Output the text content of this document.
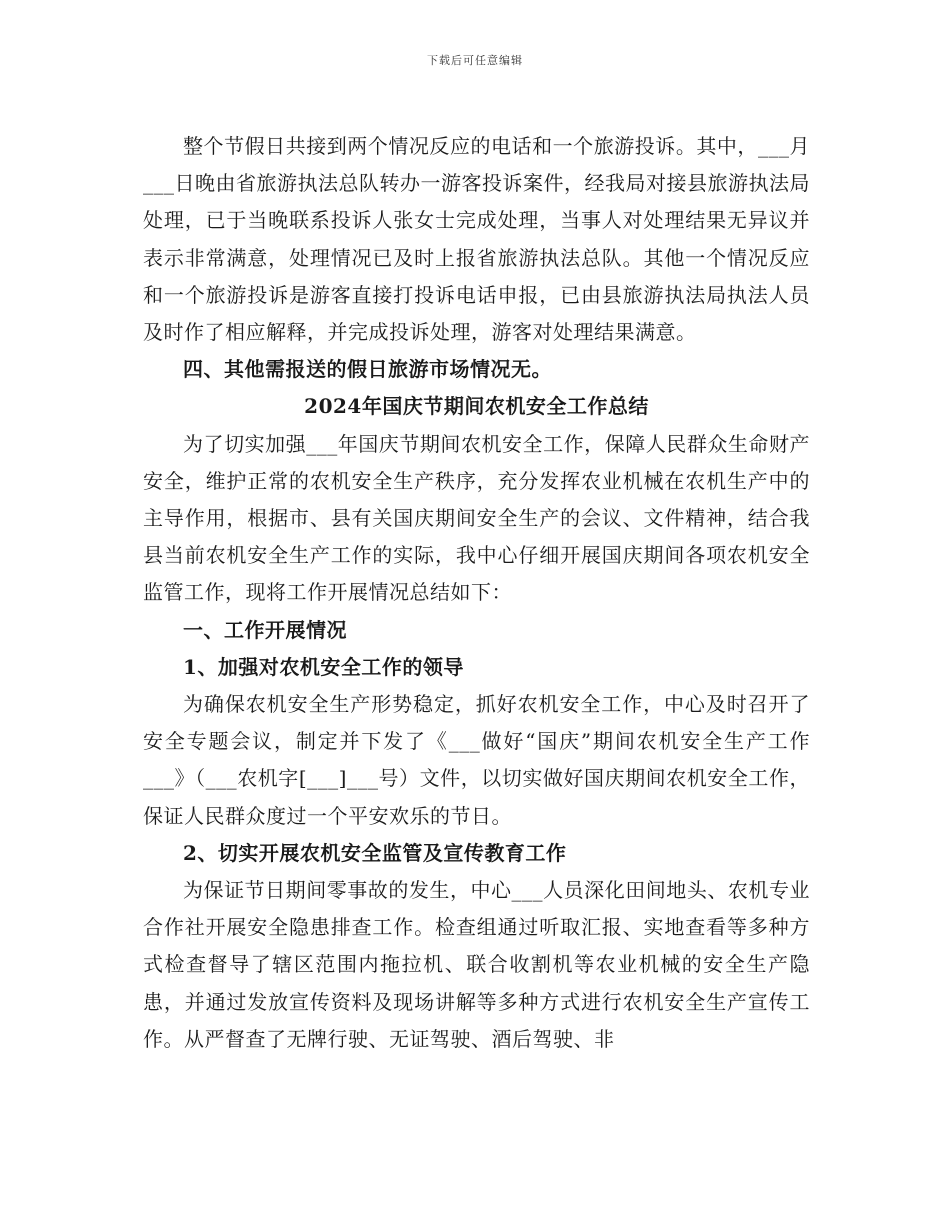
下载后可任意编辑

整个节假日共接到两个情况反应的电话和一个旅游投诉。其中，___月___日晚由省旅游执法总队转办一游客投诉案件，经我局对接县旅游执法局处理，已于当晚联系投诉人张女士完成处理，当事人对处理结果无异议并表示非常满意，处理情况已及时上报省旅游执法总队。其他一个情况反应和一个旅游投诉是游客直接打投诉电话申报，已由县旅游执法局执法人员及时作了相应解释，并完成投诉处理，游客对处理结果满意。

四、其他需报送的假日旅游市场情况无。

2024年国庆节期间农机安全工作总结

为了切实加强___年国庆节期间农机安全工作，保障人民群众生命财产安全，维护正常的农机安全生产秩序，充分发挥农业机械在农机生产中的主导作用，根据市、县有关国庆期间安全生产的会议、文件精神，结合我县当前农机安全生产工作的实际，我中心仔细开展国庆期间各项农机安全监管工作，现将工作开展情况总结如下：

一、工作开展情况

1、加强对农机安全工作的领导

为确保农机安全生产形势稳定，抓好农机安全工作，中心及时召开了安全专题会议，制定并下发了《___做好“国庆”期间农机安全生产工作___》（___农机字[___]___号）文件，以切实做好国庆期间农机安全工作，保证人民群众度过一个平安欢乐的节日。

2、切实开展农机安全监管及宣传教育工作

为保证节日期间零事故的发生，中心___人员深化田间地头、农机专业合作社开展安全隐患排查工作。检查组通过听取汇报、实地查看等多种方式检查督导了辖区范围内拖拉机、联合收割机等农业机械的安全生产隐患，并通过发放宣传资料及现场讲解等多种方式进行农机安全生产宣传工作。从严督查了无牌行驶、无证驾驶、酒后驾驶、非
